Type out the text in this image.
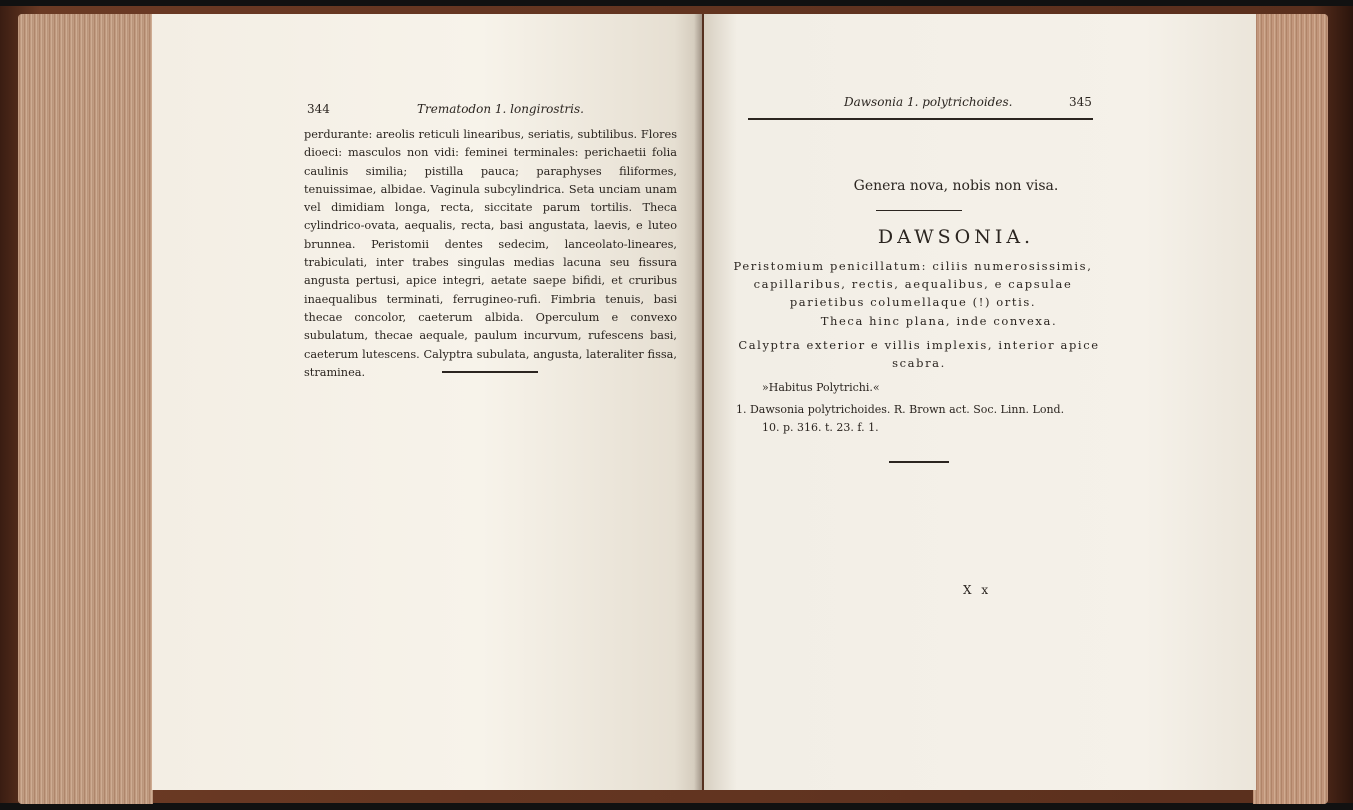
344	Trematodon 1. longirostris.

perdurante: areolis reticuli linearibus, seriatis, subtilibus. Flores dioeci: masculos non vidi: feminei terminales: perichaetii folia caulinis similia; pistilla pauca; paraphyses filiformes, tenuissimae, albidae. Vaginula subcylindrica. Seta unciam unam vel dimidiam longa, recta, siccitate parum tortilis. Theca cylindrico-ovata, aequalis, recta, basi angustata, laevis, e luteo brunnea. Peristomii dentes sedecim, lanceolato-lineares, trabiculati, inter trabes singulas medias lacuna seu fissura angusta pertusi, apice integri, aetate saepe bifidi, et cruribus inaequalibus terminati, ferrugineo-rufi. Fimbria tenuis, basi thecae concolor, caeterum albida. Operculum e convexo subulatum, thecae aequale, paulum incurvum, rufescens basi, caeterum lutescens. Calyptra subulata, angusta, lateraliter fissa, straminea.

Dawsonia 1. polytrichoides.	345
Genera nova, nobis non visa.
DAWSONIA.
Peristomium penicillatum: ciliis numerosissimis, capillaribus, rectis, aequalibus, e capsulae parietibus columellaque (!) ortis.
Theca hinc plana, inde convexa.
Calyptra exterior e villis implexis, interior apice scabra.
»Habitus Polytrichi.«
1. Dawsonia polytrichoides. R. Brown act. Soc. Linn. Lond.
10. p. 316. t. 23. f. 1.
X x
